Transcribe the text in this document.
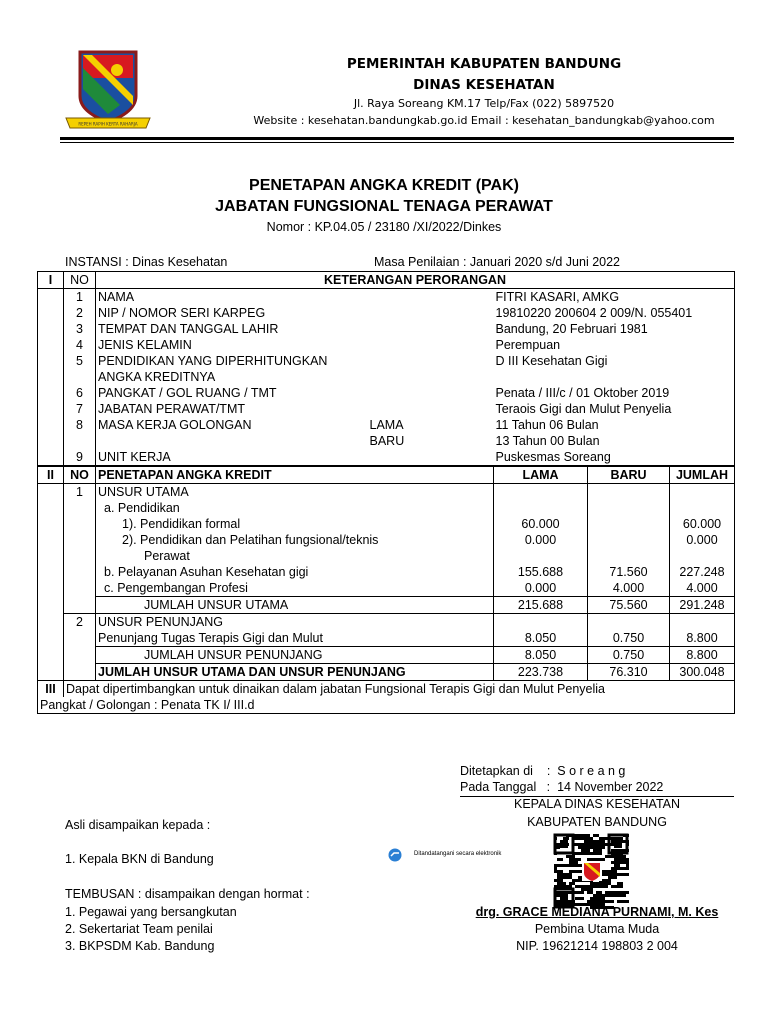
REPEH RAPIH KERTA RAHARJA
PEMERINTAH KABUPATEN BANDUNG
DINAS KESEHATAN
Jl. Raya Soreang KM.17 Telp/Fax (022) 5897520
Website : kesehatan.bandungkab.go.id Email : kesehatan_bandungkab@yahoo.com
PENETAPAN ANGKA KREDIT (PAK)
JABATAN FUNGSIONAL TENAGA PERAWAT
Nomor : KP.04.05 / 23180 /XI/2022/Dinkes
INSTANSI : Dinas Kesehatan	Masa Penilaian : Januari 2020 s/d Juni 2022
I	NO	KETERANGAN PERORANGAN				
	1	NAMA		FITRI KASARI, AMKG		
	2	NIP / NOMOR SERI KARPEG		19810220 200604 2 009/N. 055401		
	3	TEMPAT DAN TANGGAL LAHIR		Bandung, 20 Februari 1981		
	4	JENIS KELAMIN		Perempuan		
	5	PENDIDIKAN YANG DIPERHITUNGKAN		D III Kesehatan Gigi		
		ANGKA KREDITNYA				
	6	PANGKAT / GOL RUANG / TMT		Penata / III/c / 01 Oktober 2019		
	7	JABATAN PERAWAT/TMT		Teraois Gigi dan Mulut Penyelia		
	8	MASA KERJA GOLONGAN	LAMA	11 Tahun 06 Bulan		
			BARU	13 Tahun 00 Bulan		
	9	UNIT KERJA		Puskesmas Soreang		
II	NO	PENETAPAN ANGKA KREDIT		LAMA	BARU	JUMLAH
	1	UNSUR UTAMA				
		a. Pendidikan				
		1). Pendidikan formal		60.000		60.000
		2). Pendidikan dan Pelatihan fungsional/teknis		0.000		0.000
		Perawat				
		b. Pelayanan Asuhan Kesehatan gigi		155.688	71.560	227.248
		c. Pengembangan Profesi		0.000	4.000	4.000
		JUMLAH UNSUR UTAMA		215.688	75.560	291.248
	2	UNSUR PENUNJANG				
		Penunjang Tugas Terapis Gigi dan Mulut		8.050	0.750	8.800
		JUMLAH UNSUR PENUNJANG		8.050	0.750	8.800
		JUMLAH UNSUR UTAMA DAN UNSUR PENUNJANG		223.738	76.310	300.048
III	Dapat dipertimbangkan untuk dinaikan dalam jabatan Fungsional Terapis Gigi dan Mulut Penyelia					
Pangkat / Golongan : Penata TK I/ III.d						
Ditetapkan di    :  S o r e a n g
Pada Tanggal   :  14 November 2022
KEPALA DINAS KESEHATAN
KABUPATEN BANDUNG
Ditandatangani secara elektronik
drg. GRACE MEDIANA PURNAMI, M. Kes
Pembina Utama Muda
NIP. 19621214 198803 2 004
Asli disampaikan kepada :
1. Kepala BKN di Bandung
TEMBUSAN : disampaikan dengan hormat :
1. Pegawai yang bersangkutan
2. Sekertariat Team penilai
3. BKPSDM Kab. Bandung
